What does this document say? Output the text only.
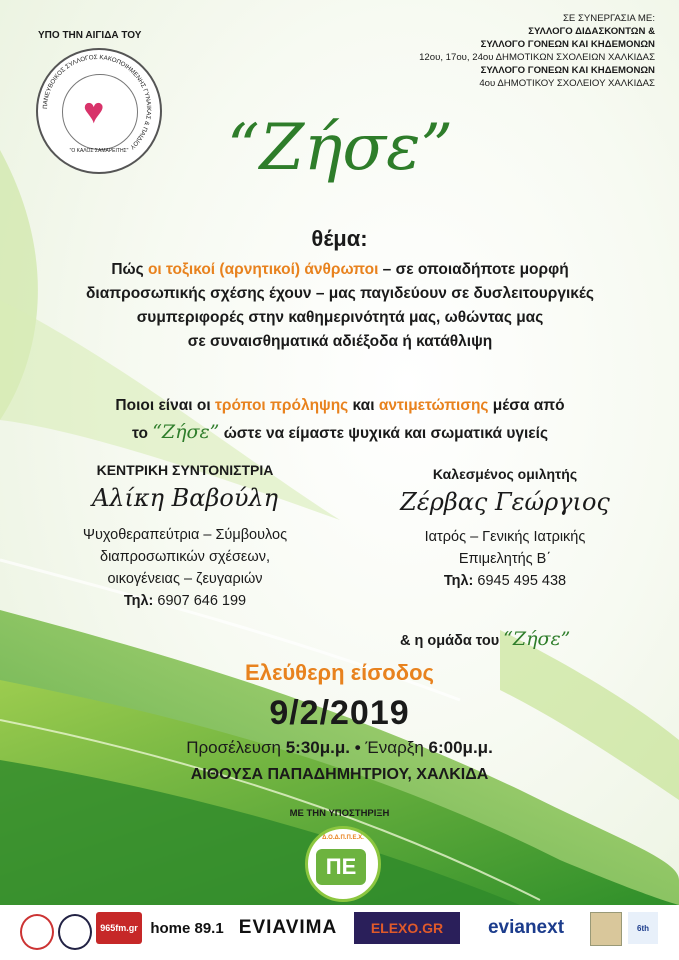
ΥΠΟ ΤΗΝ ΑΙΓΙΔΑ ΤΟΥ
ΠΑΝΕΥΒΟΙΚΟΣ ΣΥΛΛΟΓΟΣ ΚΑΚΟΠΟΙΗΜΕΝΗΣ ΓΥΝΑΙΚΑΣ & ΠΑΙΔΙΟΥ
♥
"Ο ΚΑΛΟΣ ΣΑΜΑΡΕΙΤΗΣ"
ΣΕ ΣΥΝΕΡΓΑΣΙΑ ΜΕ:
ΣΥΛΛΟΓΟ ΔΙΔΑΣΚΟΝΤΩΝ &
ΣΥΛΛΟΓΟ ΓΟΝΕΩΝ ΚΑΙ ΚΗΔΕΜΟΝΩΝ
12ου, 17ου, 24ου ΔΗΜΟΤΙΚΩΝ ΣΧΟΛΕΙΩΝ ΧΑΛΚΙΔΑΣ
ΣΥΛΛΟΓΟ ΓΟΝΕΩΝ ΚΑΙ ΚΗΔΕΜΟΝΩΝ
4ου ΔΗΜΟΤΙΚΟΥ ΣΧΟΛΕΙΟΥ ΧΑΛΚΙΔΑΣ
“Ζήσε”
θέμα:
Πώς οι τοξικοί (αρνητικοί) άνθρωποι – σε οποιαδήποτε μορφή
διαπροσωπικής σχέσης έχουν – μας παγιδεύουν σε δυσλειτουργικές
συμπεριφορές στην καθημερινότητά μας, ωθώντας μας
σε συναισθηματικά αδιέξοδα ή κατάθλιψη
Ποιοι είναι οι τρόποι πρόληψης και αντιμετώπισης μέσα από
το “Ζήσε” ώστε να είμαστε ψυχικά και σωματικά υγιείς
ΚΕΝΤΡΙΚΗ ΣΥΝΤΟΝΙΣΤΡΙΑ
Αλίκη Βαβούλη
Ψυχοθεραπεύτρια – Σύμβουλος
διαπροσωπικών σχέσεων,
οικογένειας – ζευγαριών
Τηλ: 6907 646 199
Καλεσμένος ομιλητής
Ζέρβας Γεώργιος
Ιατρός – Γενικής Ιατρικής
Επιμελητής Β΄
Τηλ: 6945 495 438
& η ομάδα του “Ζήσε”
Ελεύθερη είσοδος
9/2/2019
Προσέλευση 5:30μ.μ. • Έναρξη 6:00μ.μ.
ΑΙΘΟΥΣΑ ΠΑΠΑΔΗΜΗΤΡΙΟΥ, ΧΑΛΚΙΔΑ
ΜΕ ΤΗΝ ΥΠΟΣΤΗΡΙΞΗ
Δ.Ο.Δ.Π.Π.Ε.Χ.
ΠΕ
965fm.gr home 89.1 EVIAVIMA ELEXO.GR evianext	6th
